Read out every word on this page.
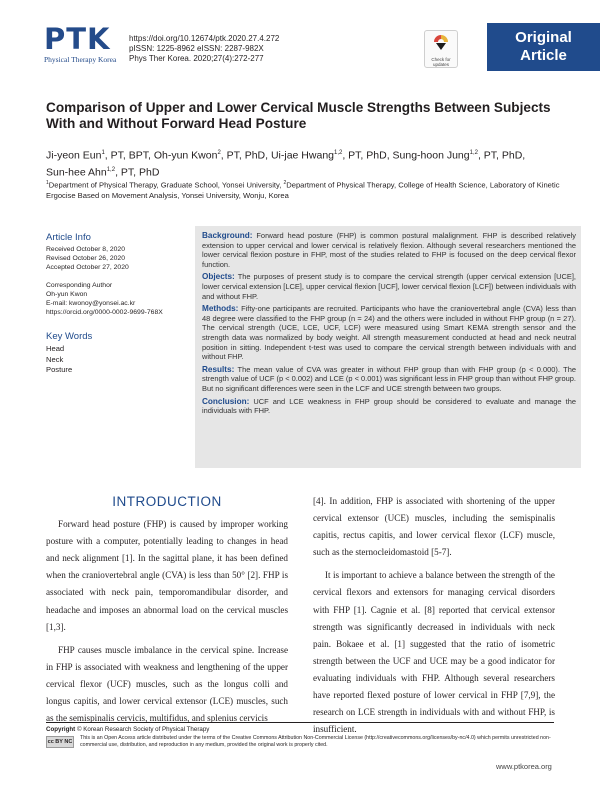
PTK
Physical Therapy Korea
https://doi.org/10.12674/ptk.2020.27.4.272
pISSN: 1225-8962 eISSN: 2287-982X
Phys Ther Korea. 2020;27(4):272-277	Check for
updates
Original
Article
Comparison of Upper and Lower Cervical Muscle Strengths Between Subjects With and Without Forward Head Posture
Ji-yeon Eun$^1$, PT, BPT, Oh-yun Kwon$^2$, PT, PhD, Ui-jae Hwang$^{1,2}$, PT, PhD, Sung-hoon Jung$^{1,2}$, PT, PhD,
Sun-hee Ahn$^{1,2}$, PT, PhD
$^1$Department of Physical Therapy, Graduate School, Yonsei University, $^2$Department of Physical Therapy, College of Health Science, Laboratory of Kinetic Ergocise Based on Movement Analysis, Yonsei University, Wonju, Korea
Article Info
Received October 8, 2020
Revised October 26, 2020
Accepted October 27, 2020
Corresponding Author
Oh-yun Kwon
E-mail: kwonoy@yonsei.ac.kr
https://orcid.org/0000-0002-9699-768X
Key Words
Head
Neck
Posture
Background: Forward head posture (FHP) is common postural malalignment. FHP is described relatively extension to upper cervical and lower cervical is relatively flexion. Although several researchers mentioned the lower cervical flexion posture in FHP, most of the studies related to FHP is focused on the deep cervical flexor function.
Objects: The purposes of present study is to compare the cervical strength (upper cervical extension [UCE], lower cervical extension [LCE], upper cervical flexion [UCF], lower cervical flexion [LCF]) between individuals with and without FHP.
Methods: Fifty-one participants are recruited. Participants who have the craniovertebral angle (CVA) less than 48 degree were classified to the FHP group (n = 24) and the others were included in without FHP group (n = 27). The cervical strength (UCE, LCE, UCF, LCF) were measured using Smart KEMA strength sensor and the strength data was normalized by body weight. All strength measurement conducted at head and neck neutral position in sitting. Independent t-test was used to compare the cervical strength between individuals with and without FHP.
Results: The mean value of CVA was greater in without FHP group than with FHP group (p < 0.000). The strength value of UCF (p < 0.002) and LCE (p < 0.001) was significant less in FHP group than without FHP group. But no significant differences were seen in the LCF and UCE strength between two groups.
Conclusion: UCF and LCE weakness in FHP group should be considered to evaluate and manage the individuals with FHP.
INTRODUCTION

Forward head posture (FHP) is caused by improper working posture with a computer, potentially leading to changes in head and neck alignment [1]. In the sagittal plane, it has been defined when the craniovertebral angle (CVA) is less than 50° [2]. FHP is associated with neck pain, temporomandibular disorder, and headache and imposes an abnormal load on the cervical muscles [1,3].

FHP causes muscle imbalance in the cervical spine. Increase in FHP is associated with weakness and lengthening of the upper cervical flexor (UCF) muscles, such as the longus colli and longus capitis, and lower cervical extensor (LCE) muscles, such as the semispinalis cervicis, multifidus, and splenius cervicis

[4]. In addition, FHP is associated with shortening of the upper cervical extensor (UCE) muscles, including the semispinalis capitis, rectus capitis, and lower cervical flexor (LCF) muscle, such as the sternocleidomastoid [5-7].

It is important to achieve a balance between the strength of the cervical flexors and extensors for managing cervical disorders with FHP [1]. Cagnie et al. [8] reported that cervical extensor strength was significantly decreased in individuals with neck pain. Bokaee et al. [1] suggested that the ratio of isometric strength between the UCF and UCE may be a good indicator for evaluating individuals with FHP. Although several researchers have reported flexed posture of lower cervical in FHP [7,9], the research on LCE strength in individuals with and without FHP, is insufficient.

Copyright © Korean Research Society of Physical Therapy
cc BY NC
This is an Open Access article distributed under the terms of the Creative Commons Attribution Non-Commercial License (http://creativecommons.org/licenses/by-nc/4.0) which permits unrestricted non-commercial use, distribution, and reproduction in any medium, provided the original work is properly cited.
www.ptkorea.org
